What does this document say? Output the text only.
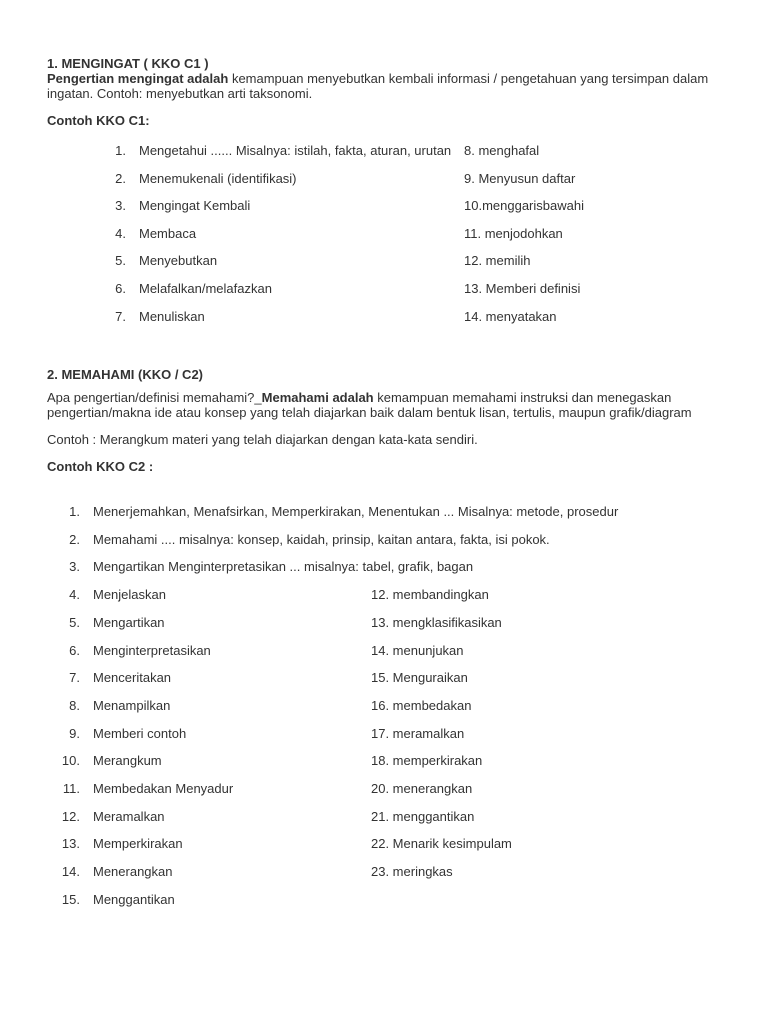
1. MENGINGAT ( KKO C1 )
Pengertian mengingat adalah kemampuan menyebutkan kembali informasi / pengetahuan yang tersimpan dalam ingatan. Contoh: menyebutkan arti taksonomi.
Contoh KKO C1:
2. MEMAHAMI (KKO / C2)
Apa pengertian/definisi memahami?_Memahami adalah kemampuan memahami instruksi dan menegaskan pengertian/makna ide atau konsep yang telah diajarkan baik dalam bentuk lisan, tertulis, maupun grafik/diagram
Contoh : Merangkum materi yang telah diajarkan dengan kata-kata sendiri.
Contoh KKO C2 :
1. Mengetahui ...... Misalnya: istilah, fakta, aturan, urutan
2. Menemukenali (identifikasi)
3. Mengingat Kembali
4. Membaca
5. Menyebutkan
6. Melafalkan/melafazkan
7. Menuliskan
8. menghafal
9. Menyusun daftar
10.menggarisbawahi
11. menjodohkan
12. memilih
13. Memberi definisi
14. menyatakan
1. Menerjemahkan, Menafsirkan, Memperkirakan, Menentukan ... Misalnya: metode, prosedur
2. Memahami .... misalnya: konsep, kaidah, prinsip, kaitan antara, fakta, isi pokok.
3. Mengartikan Menginterpretasikan ... misalnya: tabel, grafik, bagan
4. Menjelaskan
5. Mengartikan
6. Menginterpretasikan
7. Menceritakan
8. Menampilkan
9. Memberi contoh
10. Merangkum
11. Membedakan Menyadur
12. Meramalkan
13. Memperkirakan
14. Menerangkan
15. Menggantikan
12. membandingkan
13. mengklasifikasikan
14. menunjukan
15. Menguraikan
16. membedakan
17. meramalkan
18. memperkirakan
20. menerangkan
21. menggantikan
22. Menarik kesimpulam
23. meringkas
